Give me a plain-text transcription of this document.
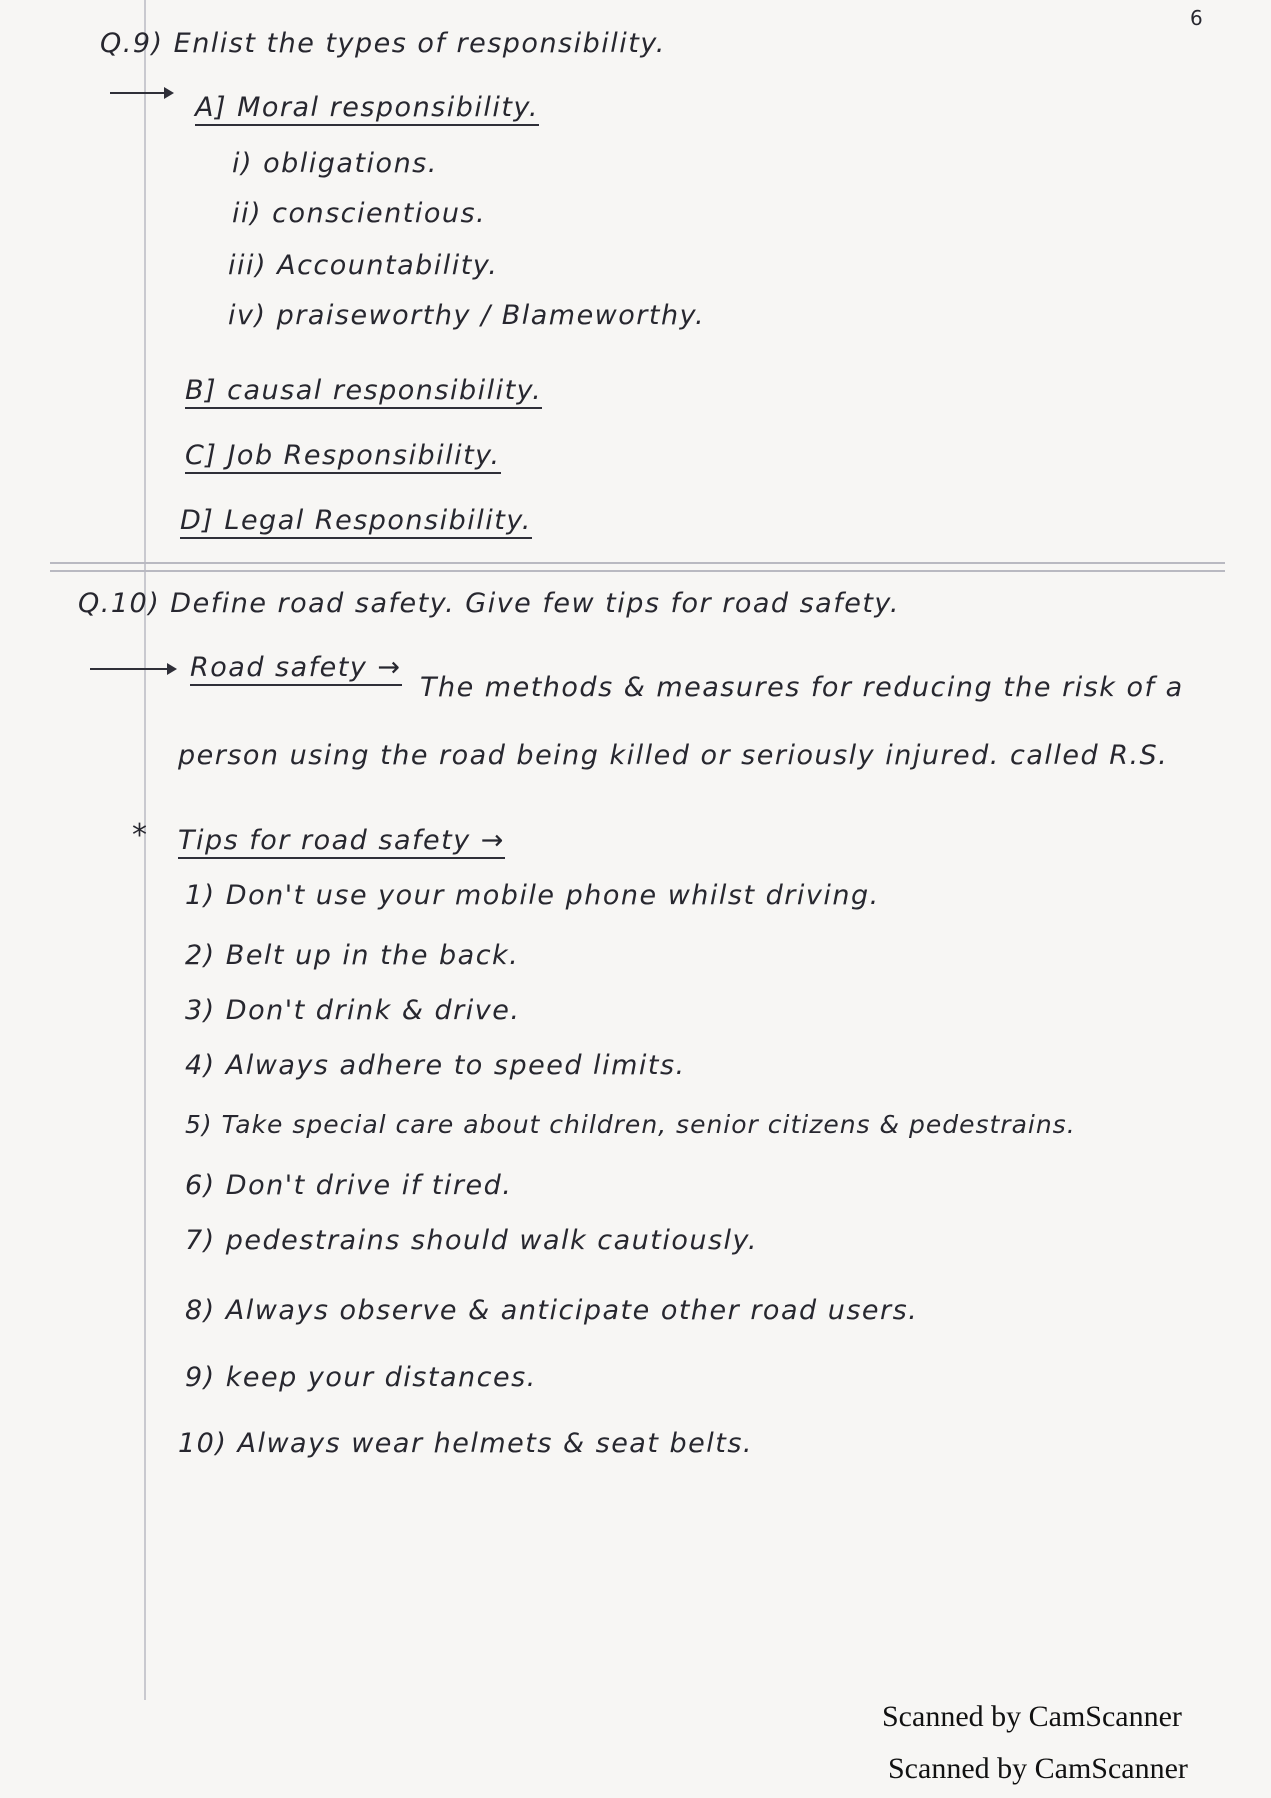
6
Q.9) Enlist the types of responsibility.
A] Moral responsibility.
i) obligations.
ii) conscientious.
iii) Accountability.
iv) praiseworthy / Blameworthy.
B] causal responsibility.
C] Job Responsibility.
D] Legal Responsibility.
Q.10) Define road safety. Give few tips for road safety.
Road safety →
The methods & measures for reducing the risk of a
person using the road being killed or seriously injured. called R.S.
* Tips for road safety →
1) Don't use your mobile phone whilst driving.
2) Belt up in the back.
3) Don't drink & drive.
4) Always adhere to speed limits.
5) Take special care about children, senior citizens & pedestrains.
6) Don't drive if tired.
7) pedestrains should walk cautiously.
8) Always observe & anticipate other road users.
9) keep your distances.
10) Always wear helmets & seat belts.
Scanned by CamScanner
Scanned by CamScanner
